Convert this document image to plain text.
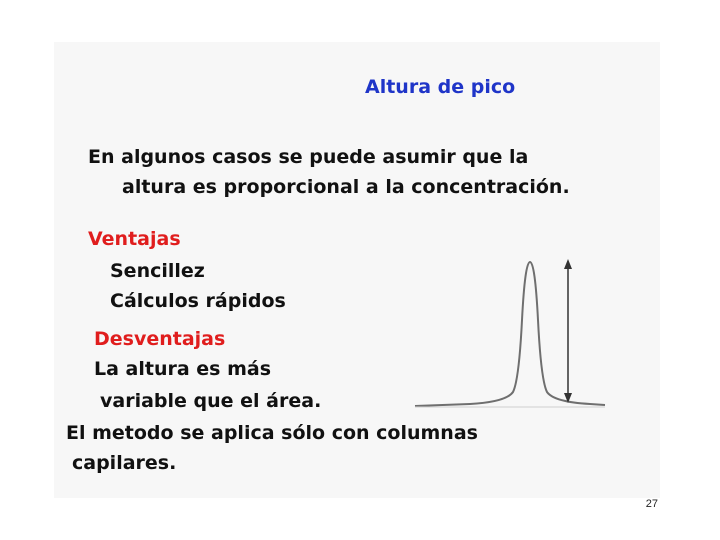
Altura de pico
En algunos casos se puede asumir que la
altura es proporcional a la concentración.
Ventajas
Sencillez
Cálculos rápidos
Desventajas
La altura es más
variable que el área.
El metodo se aplica sólo con columnas
capilares.
27
